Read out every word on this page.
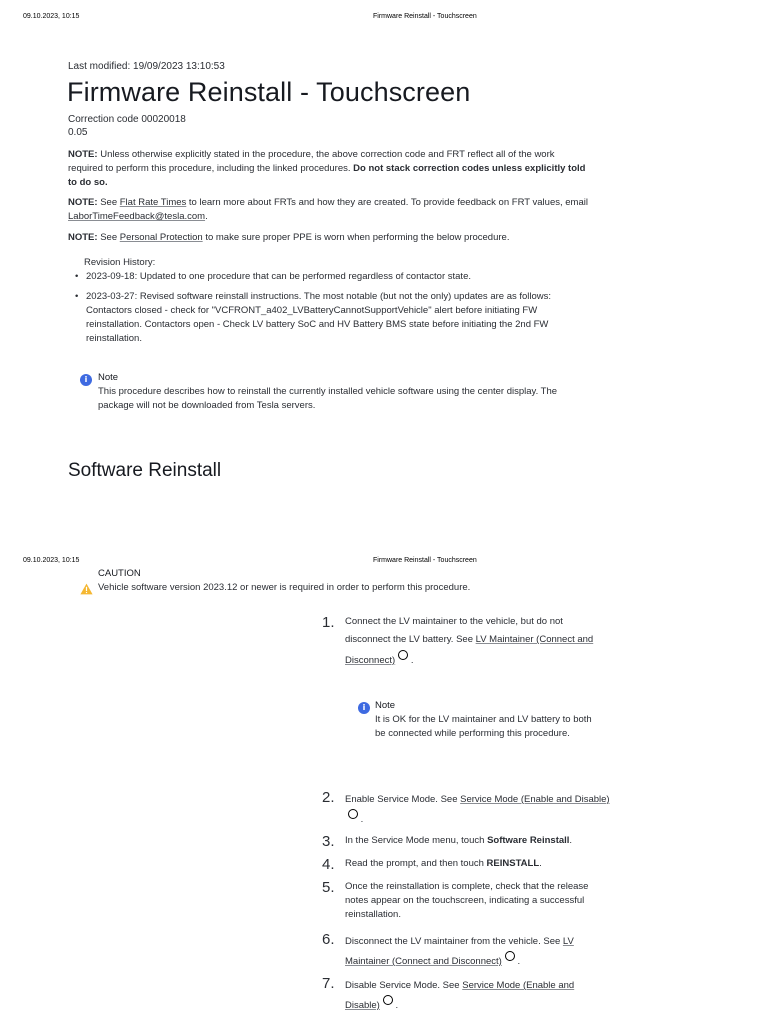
09.10.2023, 10:15	Firmware Reinstall - Touchscreen
Last modified: 19/09/2023 13:10:53
Firmware Reinstall - Touchscreen
Correction code 00020018
0.05
NOTE: Unless otherwise explicitly stated in the procedure, the above correction code and FRT reflect all of the work required to perform this procedure, including the linked procedures. Do not stack correction codes unless explicitly told to do so.
NOTE: See Flat Rate Times to learn more about FRTs and how they are created. To provide feedback on FRT values, email LaborTimeFeedback@tesla.com.
NOTE: See Personal Protection to make sure proper PPE is worn when performing the below procedure.
Revision History:
• 2023-09-18: Updated to one procedure that can be performed regardless of contactor state.
• 2023-03-27: Revised software reinstall instructions. The most notable (but not the only) updates are as follows: Contactors closed - check for "VCFRONT_a402_LVBatteryCannotSupportVehicle" alert before initiating FW reinstallation. Contactors open - Check LV battery SoC and HV Battery BMS state before initiating the 2nd FW reinstallation.
i	Note
This procedure describes how to reinstall the currently installed vehicle software using the center display. The package will not be downloaded from Tesla servers.
Software Reinstall
09.10.2023, 10:15	Firmware Reinstall - Touchscreen
CAUTION
Vehicle software version 2023.12 or newer is required in order to perform this procedure.
1.	Connect the LV maintainer to the vehicle, but do not disconnect the LV battery. See LV Maintainer (Connect and Disconnect) .
i	Note
It is OK for the LV maintainer and LV battery to both be connected while performing this procedure.
2.	Enable Service Mode. See Service Mode (Enable and Disable) .
3.	In the Service Mode menu, touch Software Reinstall.
4.	Read the prompt, and then touch REINSTALL.
5.	Once the reinstallation is complete, check that the release notes appear on the touchscreen, indicating a successful reinstallation.
6.	Disconnect the LV maintainer from the vehicle. See LV Maintainer (Connect and Disconnect) .
7.	Disable Service Mode. See Service Mode (Enable and Disable) .
